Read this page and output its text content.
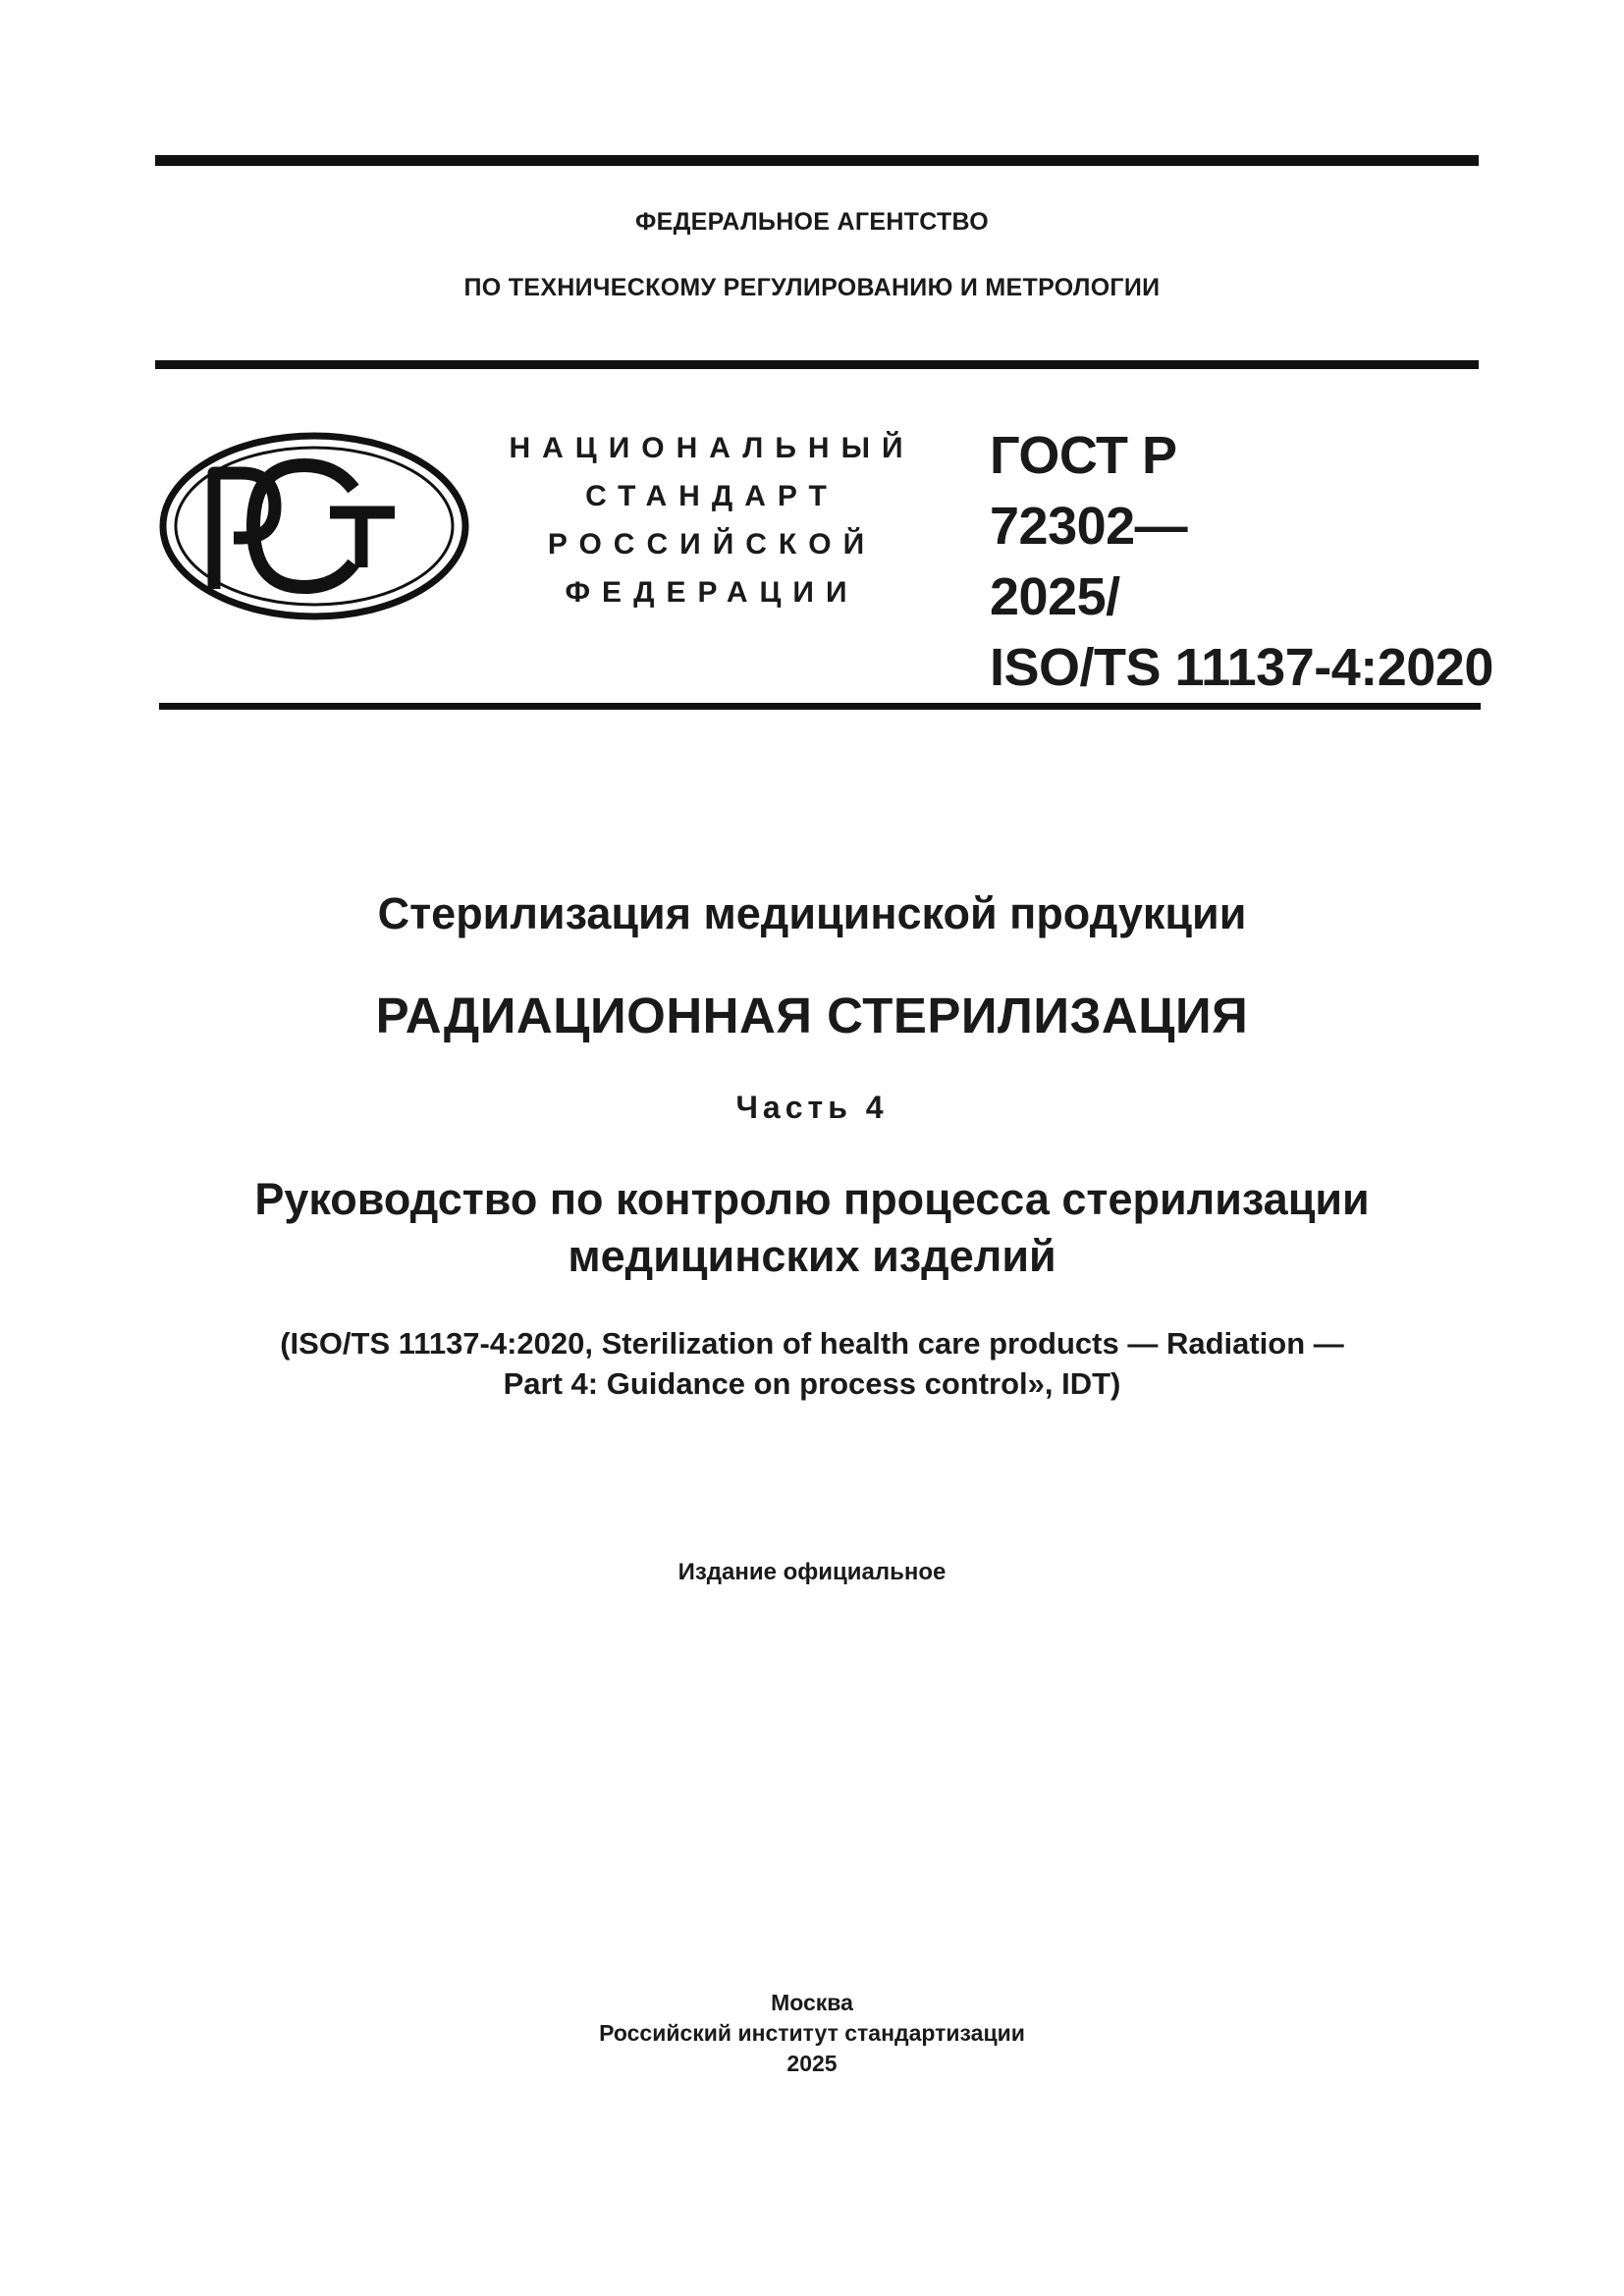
ФЕДЕРАЛЬНОЕ АГЕНТСТВО
ПО ТЕХНИЧЕСКОМУ РЕГУЛИРОВАНИЮ И МЕТРОЛОГИИ
НАЦИОНАЛЬНЫЙ
СТАНДАРТ
РОССИЙСКОЙ
ФЕДЕРАЦИИ
ГОСТ Р
72302—
2025/
ISO/TS 11137-4:2020
Стерилизация медицинской продукции
РАДИАЦИОННАЯ СТЕРИЛИЗАЦИЯ
Часть 4
Руководство по контролю процесса стерилизации
медицинских изделий
(ISO/TS 11137-4:2020, Sterilization of health care products — Radiation —
Part 4: Guidance on process control», IDT)
Издание официальное
Москва
Российский институт стандартизации
2025
